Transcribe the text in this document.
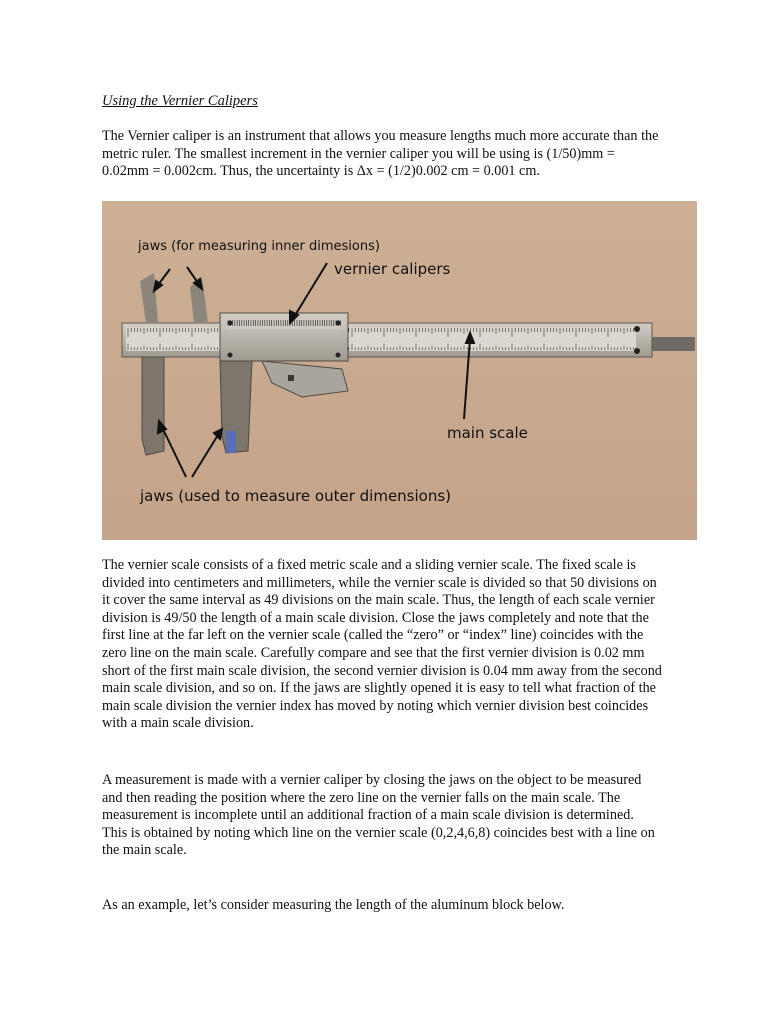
Using the Vernier Calipers
The Vernier caliper is an instrument that allows you measure lengths much more accurate than the metric ruler. The smallest increment in the vernier caliper you will be using is (1/50)mm = 0.02mm = 0.002cm. Thus, the uncertainty is Δx = (1/2)0.002 cm = 0.001 cm.
jaws (for measuring inner dimesions)
vernier calipers
main scale
jaws (used to measure outer dimensions)
The vernier scale consists of a fixed metric scale and a sliding vernier scale. The fixed scale is divided into centimeters and millimeters, while the vernier scale is divided so that 50 divisions on it cover the same interval as 49 divisions on the main scale. Thus, the length of each scale vernier division is 49/50 the length of a main scale division. Close the jaws completely and note that the first line at the far left on the vernier scale (called the “zero” or “index” line) coincides with the zero line on the main scale. Carefully compare and see that the first vernier division is 0.02 mm short of the first main scale division, the second vernier division is 0.04 mm away from the second main scale division, and so on. If the jaws are slightly opened it is easy to tell what fraction of the main scale division the vernier index has moved by noting which vernier division best coincides with a main scale division.
A measurement is made with a vernier caliper by closing the jaws on the object to be measured and then reading the position where the zero line on the vernier falls on the main scale. The measurement is incomplete until an additional fraction of a main scale division is determined. This is obtained by noting which line on the vernier scale (0,2,4,6,8) coincides best with a line on the main scale.
As an example, let’s consider measuring the length of the aluminum block below.
